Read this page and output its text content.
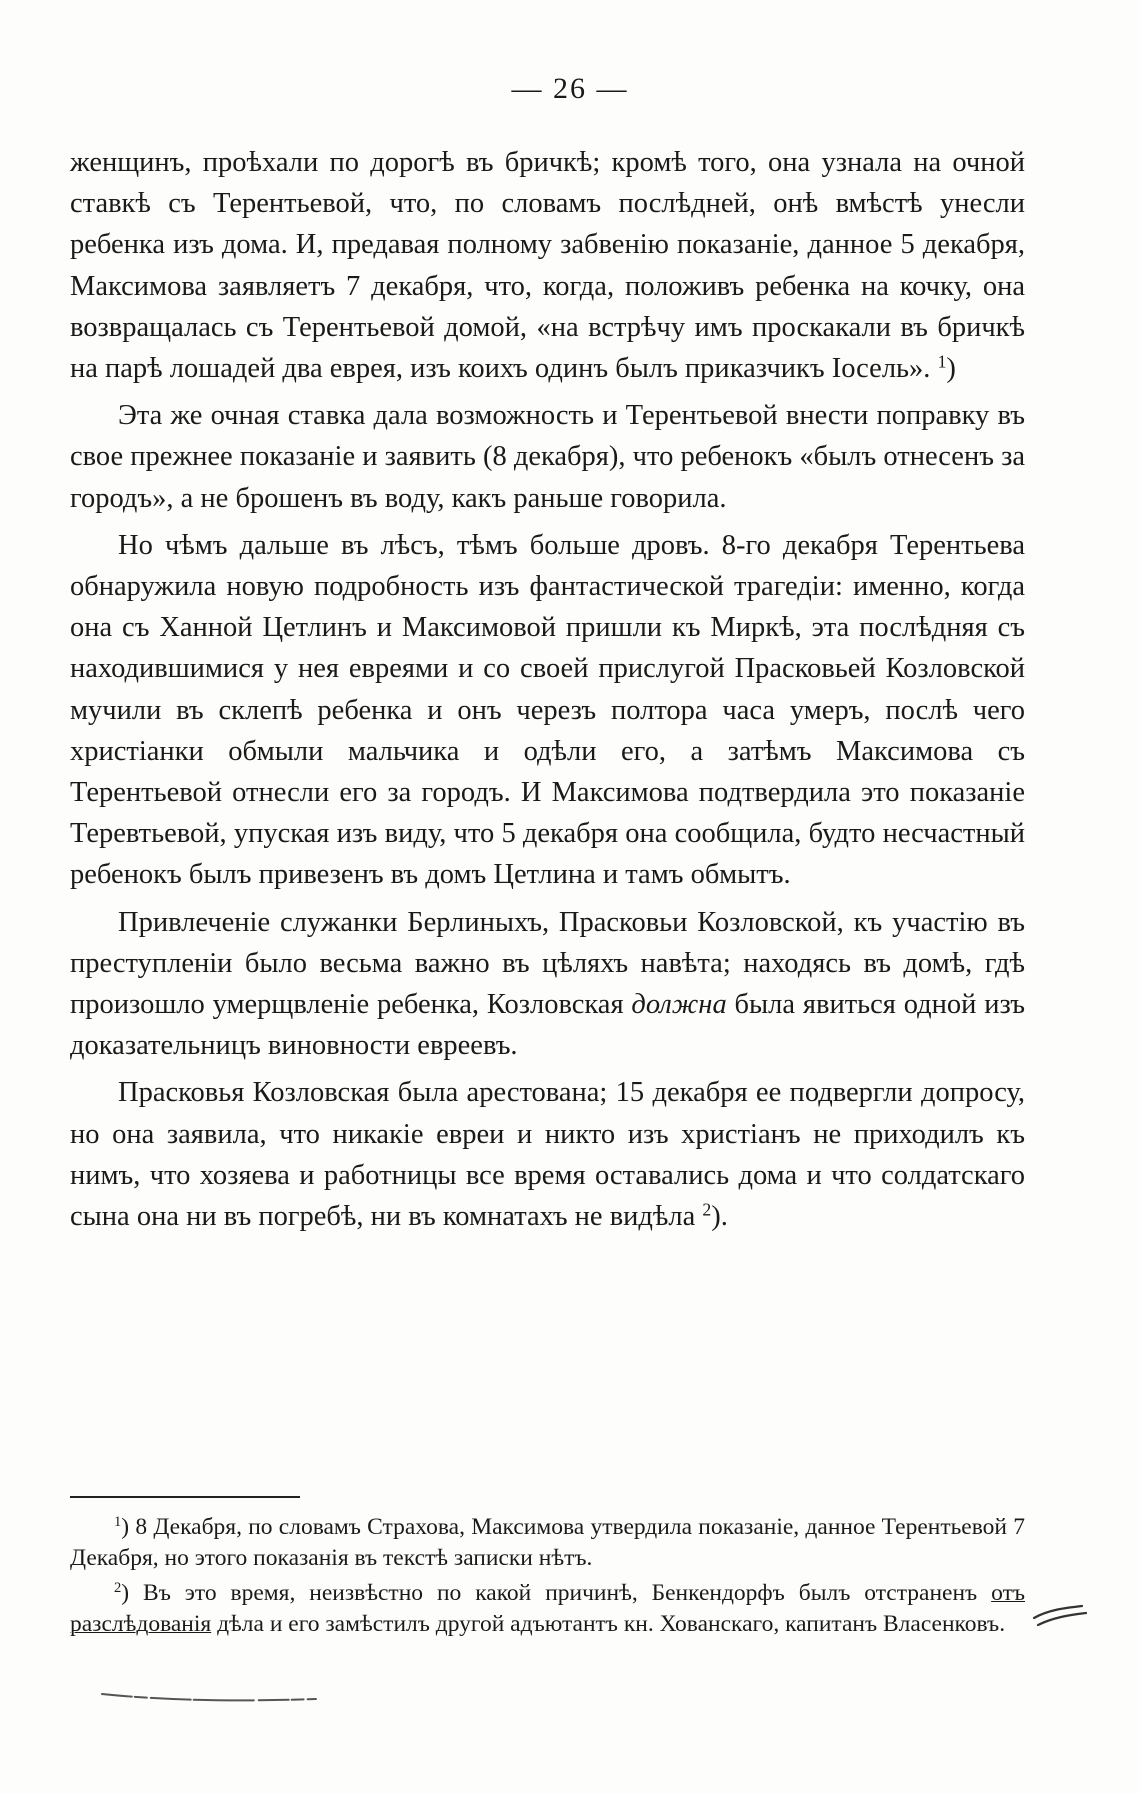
— 26 —

женщинъ, проѣхали по дорогѣ въ бричкѣ; кромѣ того, она узнала на очной ставкѣ съ Терентьевой, что, по словамъ послѣдней, онѣ вмѣстѣ унесли ребенка изъ дома. И, предавая полному забвенію показаніе, данное 5 декабря, Максимова заявляетъ 7 декабря, что, когда, положивъ ребенка на кочку, она возвращалась съ Терентьевой домой, «на встрѣчу имъ проскакали въ бричкѣ на парѣ лошадей два еврея, изъ коихъ одинъ былъ приказчикъ Іосель». $^1$)

Эта же очная ставка дала возможность и Терентьевой внести поправку въ свое прежнее показаніе и заявить (8 декабря), что ребенокъ «былъ отнесенъ за городъ», а не брошенъ въ воду, какъ раньше говорила.

Но чѣмъ дальше въ лѣсъ, тѣмъ больше дровъ. 8-го декабря Терентьева обнаружила новую подробность изъ фантастической трагедіи: именно, когда она съ Ханной Цетлинъ и Максимовой пришли къ Миркѣ, эта послѣдняя съ находившимися у нея евреями и со своей прислугой Прасковьей Козловской мучили въ склепѣ ребенка и онъ черезъ полтора часа умеръ, послѣ чего христіанки обмыли мальчика и одѣли его, а затѣмъ Максимова съ Терентьевой отнесли его за городъ. И Максимова подтвердила это показаніе Теревтьевой, упуская изъ виду, что 5 декабря она сообщила, будто несчастный ребенокъ былъ привезенъ въ домъ Цетлина и тамъ обмытъ.

Привлеченіе служанки Берлиныхъ, Прасковьи Козловской, къ участію въ преступленіи было весьма важно въ цѣляхъ навѣта; находясь въ домѣ, гдѣ произошло умерщвленіе ребенка, Козловская должна была явиться одной изъ доказательницъ виновности евреевъ.

Прасковья Козловская была арестована; 15 декабря ее подвергли допросу, но она заявила, что никакіе евреи и никто изъ христіанъ не приходилъ къ нимъ, что хозяева и работницы все время оставались дома и что солдатскаго сына она ни въ погребѣ, ни въ комнатахъ не видѣла $^2$).

$^1$) 8 Декабря, по словамъ Страхова, Максимова утвердила показаніе, данное Терентьевой 7 Декабря, но этого показанія въ текстѣ записки нѣтъ.

$^2$) Въ это время, неизвѣстно по какой причинѣ, Бенкендорфъ былъ отстраненъ отъ разслѣдованія дѣла и его замѣстилъ другой адъютантъ кн. Хованскаго, капитанъ Власенковъ.
